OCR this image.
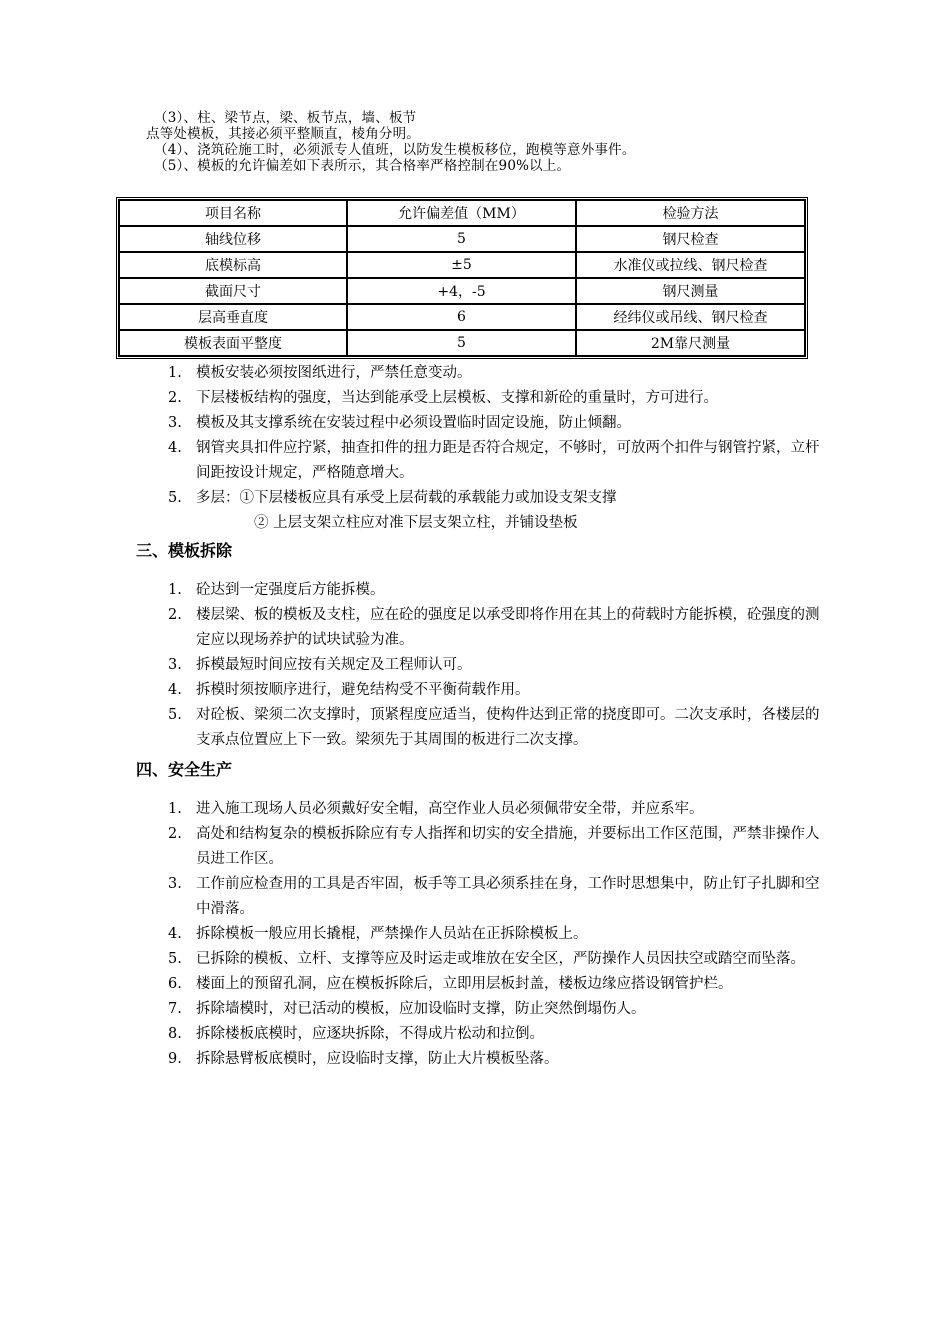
（3）、柱、梁节点，梁、板节点，墙、板节
点等处模板，其接必须平整顺直，棱角分明。
（4）、浇筑砼施工时，必须派专人值班，以防发生模板移位，跑模等意外事件。
（5）、模板的允许偏差如下表所示，其合格率严格控制在90%以上。
项目名称	允许偏差值（MM）	检验方法
轴线位移	5	钢尺检查
底模标高	±5	水准仪或拉线、钢尺检查
截面尺寸	+4，-5	钢尺测量
层高垂直度	6	经纬仪或吊线、钢尺检查
模板表面平整度	5	2M靠尺测量
1. 模板安装必须按图纸进行，严禁任意变动。
2. 下层楼板结构的强度，当达到能承受上层模板、支撑和新砼的重量时，方可进行。
3. 模板及其支撑系统在安装过程中必须设置临时固定设施，防止倾翻。
4. 钢管夹具扣件应拧紧，抽查扣件的扭力距是否符合规定，不够时，可放两个扣件与钢管拧紧，立杆间距按设计规定，严格随意增大。
5. 多层：①下层楼板应具有承受上层荷载的承载能力或加设支架支撑
② 上层支架立柱应对准下层支架立柱，并铺设垫板
三、模板拆除
1. 砼达到一定强度后方能拆模。
2. 楼层梁、板的模板及支柱，应在砼的强度足以承受即将作用在其上的荷载时方能拆模，砼强度的测定应以现场养护的试块试验为准。
3. 拆模最短时间应按有关规定及工程师认可。
4. 拆模时须按顺序进行，避免结构受不平衡荷载作用。
5. 对砼板、梁须二次支撑时，顶紧程度应适当，使构件达到正常的挠度即可。二次支承时，各楼层的支承点位置应上下一致。梁须先于其周围的板进行二次支撑。
四、安全生产
1. 进入施工现场人员必须戴好安全帽，高空作业人员必须佩带安全带，并应系牢。
2. 高处和结构复杂的模板拆除应有专人指挥和切实的安全措施，并要标出工作区范围，严禁非操作人员进工作区。
3. 工作前应检查用的工具是否牢固，板手等工具必须系挂在身，工作时思想集中，防止钉子扎脚和空中滑落。
4. 拆除模板一般应用长撬棍，严禁操作人员站在正拆除模板上。
5. 已拆除的模板、立杆、支撑等应及时运走或堆放在安全区，严防操作人员因扶空或踏空而坠落。
6. 楼面上的预留孔洞，应在模板拆除后，立即用层板封盖，楼板边缘应搭设钢管护栏。
7. 拆除墙模时，对已活动的模板，应加设临时支撑，防止突然倒塌伤人。
8. 拆除楼板底模时，应逐块拆除，不得成片松动和拉倒。
9. 拆除悬臂板底模时，应设临时支撑，防止大片模板坠落。
